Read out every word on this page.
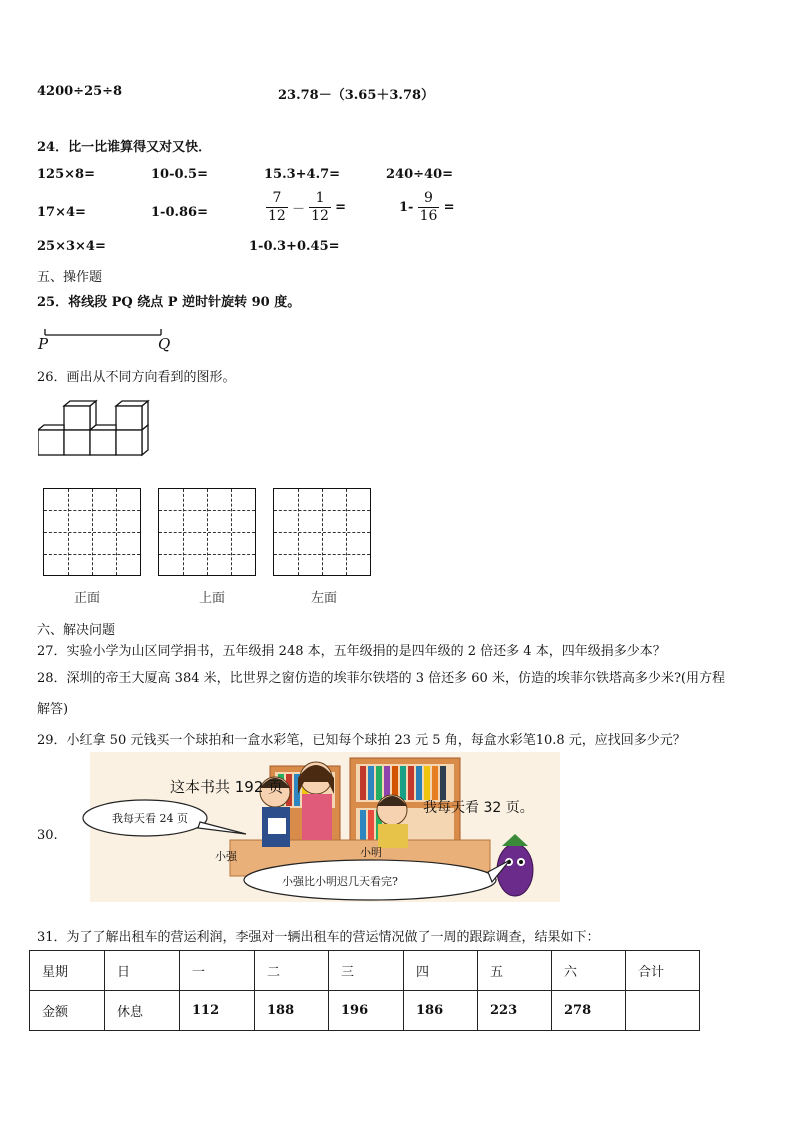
4200÷25÷8	23.78－（3.65＋3.78）
24．比一比谁算得又对又快．
125×8=	10-0.5=	15.3+4.7=	240÷40=
17×4=	1-0.86=	$\frac{7}{12} - \frac{1}{12}$ =	$1- \frac{9}{16}$ =
25×3×4=	1-0.3+0.45=
五、操作题
25．将线段 PQ 绕点 P 逆时针旋转 90 度。
P	Q
26．画出从不同方向看到的图形。
正面	上面	左面
六、解决问题
27．实验小学为山区同学捐书，五年级捐 248 本，五年级捐的是四年级的 2 倍还多 4 本，四年级捐多少本？
28．深圳的帝王大厦高 384 米，比世界之窗仿造的埃菲尔铁塔的 3 倍还多 60 米，仿造的埃菲尔铁塔高多少米?(用方程
解答)
29．小红拿 50 元钱买一个球拍和一盒水彩笔，已知每个球拍 23 元 5 角，每盒水彩笔10.8 元，应找回多少元？
30.
这本书共 192 页
我每天看 24 页
我每天看 32 页。
小强	小明
小强比小明迟几天看完?
31．为了了解出租车的营运利润，李强对一辆出租车的营运情况做了一周的跟踪调查，结果如下：
星期	日	一	二	三	四	五	六	合计
金额	休息	112	188	196	186	223	278	
